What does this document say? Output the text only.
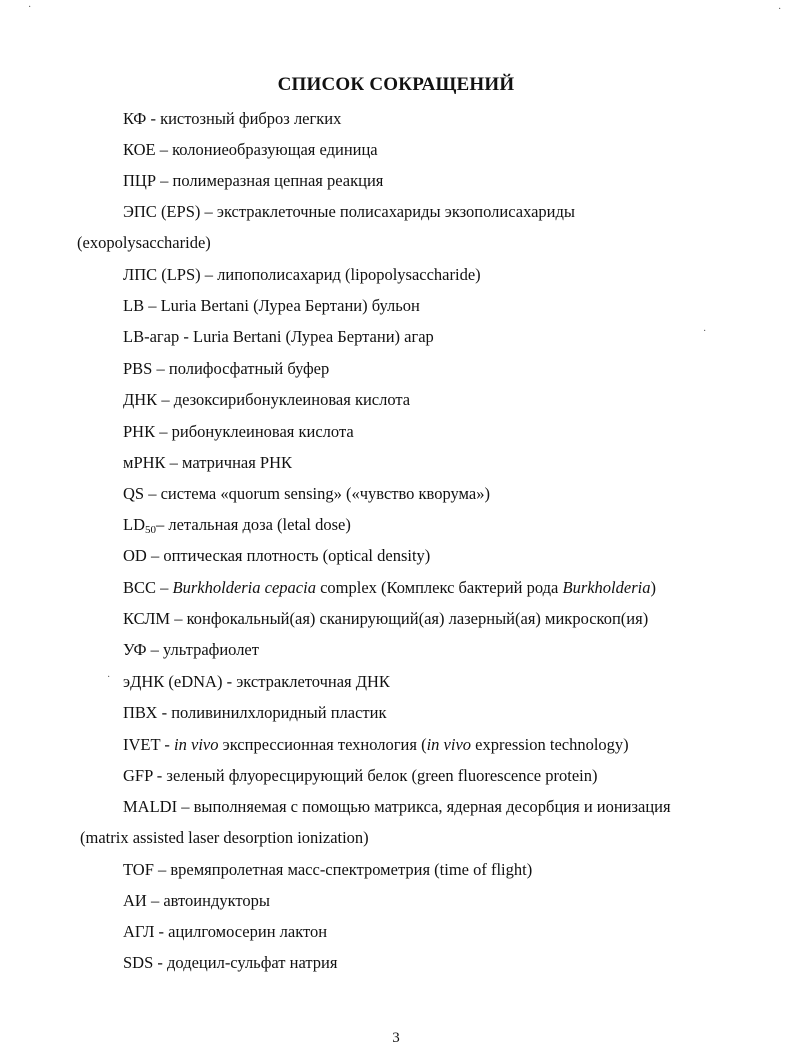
СПИСОК СОКРАЩЕНИЙ
КФ - кистозный фиброз легких
КОЕ – колониеобразующая единица
ПЦР – полимеразная цепная реакция
ЭПС (EPS) – экстраклеточные полисахариды экзополисахариды
(exopolysaccharide)
ЛПС (LPS) – липополисахарид (lipopolysaccharide)
LB – Luria Bertani (Луреа Бертани) бульон
LB-агар - Luria Bertani (Луреа Бертани) агар
PBS – полифосфатный буфер
ДНК – дезоксирибонуклеиновая кислота
РНК – рибонуклеиновая кислота
мРНК – матричная РНК
QS – система «quorum sensing» («чувство кворума»)
$LD_{50}-$ летальная доза (letal dose)
OD – оптическая плотность (optical density)
BCC – Burkholderia cepacia complex (Комплекс бактерий рода Burkholderia)
КСЛМ – конфокальный(ая) сканирующий(ая) лазерный(ая) микроскоп(ия)
УФ – ультрафиолет
эДНК (eDNA) - экстраклеточная ДНК
ПВХ - поливинилхлоридный пластик
IVET - in vivo экспрессионная технология (in vivo expression technology)
GFP - зеленый флуоресцирующий белок (green fluorescence protein)
MALDI – выполняемая с помощью матрикса, ядерная десорбция и ионизация
(matrix assisted laser desorption ionization)
TOF – времяпролетная масс-спектрометрия (time of flight)
АИ – автоиндукторы
АГЛ - ацилгомосерин лактон
SDS - додецил-сульфат натрия
3
·	·
·
·
